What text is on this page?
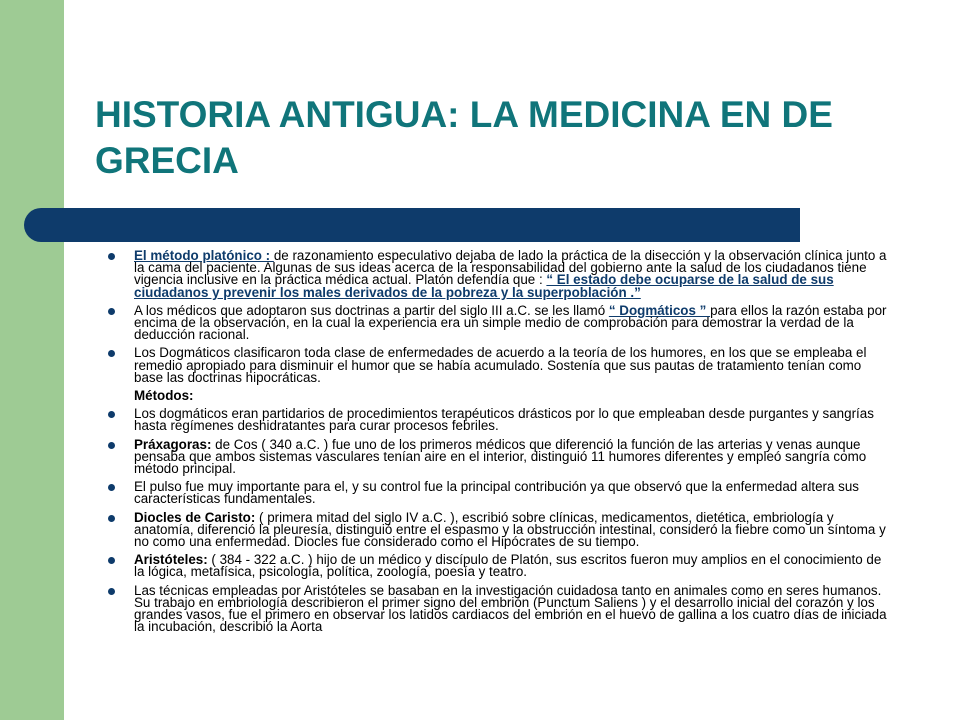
HISTORIA ANTIGUA: LA MEDICINA EN DE GRECIA
El método platónico : de razonamiento especulativo dejaba de lado la práctica de la disección y la observación clínica junto a la cama del paciente. Algunas de sus ideas acerca de la responsabilidad del gobierno ante la salud de los ciudadanos tiene vigencia inclusive en la práctica médica actual. Platón defendía que : “ El estado debe ocuparse de la salud de sus ciudadanos y prevenir los males derivados de la pobreza y la superpoblación .”
A los médicos que adoptaron sus doctrinas a partir del siglo III a.C. se les llamó “ Dogmáticos ” para ellos la razón estaba por encima de la observación, en la cual la experiencia era un simple medio de comprobación para demostrar la verdad de la deducción racional.
Los Dogmáticos clasificaron toda clase de enfermedades de acuerdo a la teoría de los humores, en los que se empleaba el remedio apropiado para disminuir el humor que se había acumulado. Sostenía que sus pautas de tratamiento tenían como base las doctrinas hipocráticas.
Métodos:
Los dogmáticos eran partidarios de procedimientos terapéuticos drásticos por lo que empleaban desde purgantes y sangrías hasta regímenes deshidratantes para curar procesos febriles.
Práxagoras: de Cos ( 340 a.C. ) fue uno de los primeros médicos que diferenció la función de las arterias y venas aunque pensaba que ambos sistemas vasculares tenían aire en el interior, distinguió 11 humores diferentes y empleó sangría como método principal.
El pulso fue muy importante para el, y su control fue la principal contribución ya que observó que la enfermedad altera sus características fundamentales.
Diocles de Caristo: ( primera mitad del siglo IV a.C. ), escribió sobre clínicas, medicamentos, dietética, embriología y anatomía, diferenció la pleuresía, distinguió entre el espasmo y la obstrucción intestinal, consideró la fiebre como un síntoma y no como una enfermedad. Diocles fue considerado como el Hipócrates de su tiempo.
Aristóteles: ( 384 - 322 a.C. ) hijo de un médico y discípulo de Platón, sus escritos fueron muy amplios en el conocimiento de la lógica, metafísica, psicología, política, zoología, poesía y teatro.
Las técnicas empleadas por Aristóteles se basaban en la investigación cuidadosa tanto en animales como en seres humanos. Su trabajo en embriología describieron el primer signo del embrión (Punctum Saliens ) y el desarrollo inicial del corazón y los grandes vasos, fue el primero en observar los latidos cardiacos del embrión en el huevo de gallina a los cuatro días de iniciada la incubación, describió la Aorta
